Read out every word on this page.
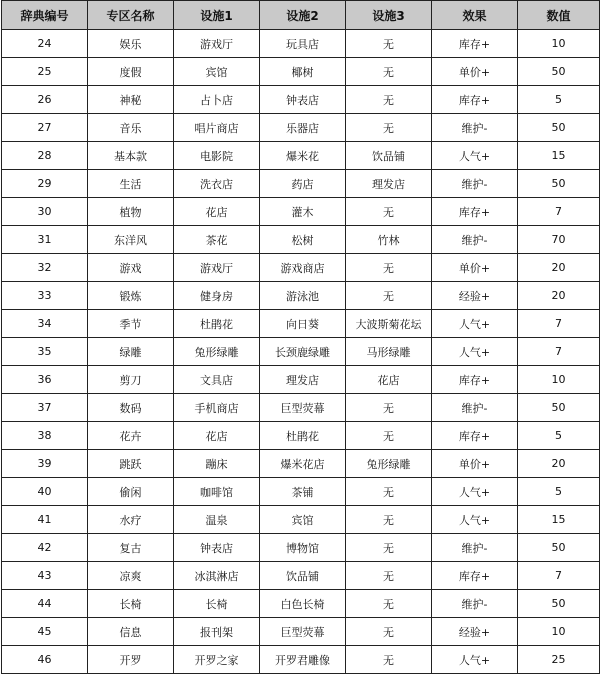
辞典编号	专区名称	设施1	设施2	设施3	效果	数值
24	娱乐	游戏厅	玩具店	无	库存+	10
25	度假	宾馆	椰树	无	单价+	50
26	神秘	占卜店	钟表店	无	库存+	5
27	音乐	唱片商店	乐器店	无	维护-	50
28	基本款	电影院	爆米花	饮品铺	人气+	15
29	生活	洗衣店	药店	理发店	维护-	50
30	植物	花店	灌木	无	库存+	7
31	东洋风	茶花	松树	竹林	维护-	70
32	游戏	游戏厅	游戏商店	无	单价+	20
33	锻炼	健身房	游泳池	无	经验+	20
34	季节	杜鹃花	向日葵	大波斯菊花坛	人气+	7
35	绿雕	兔形绿雕	长颈鹿绿雕	马形绿雕	人气+	7
36	剪刀	文具店	理发店	花店	库存+	10
37	数码	手机商店	巨型荧幕	无	维护-	50
38	花卉	花店	杜鹃花	无	库存+	5
39	跳跃	蹦床	爆米花店	兔形绿雕	单价+	20
40	偷闲	咖啡馆	茶铺	无	人气+	5
41	水疗	温泉	宾馆	无	人气+	15
42	复古	钟表店	博物馆	无	维护-	50
43	凉爽	冰淇淋店	饮品铺	无	库存+	7
44	长椅	长椅	白色长椅	无	维护-	50
45	信息	报刊架	巨型荧幕	无	经验+	10
46	开罗	开罗之家	开罗君雕像	无	人气+	25
